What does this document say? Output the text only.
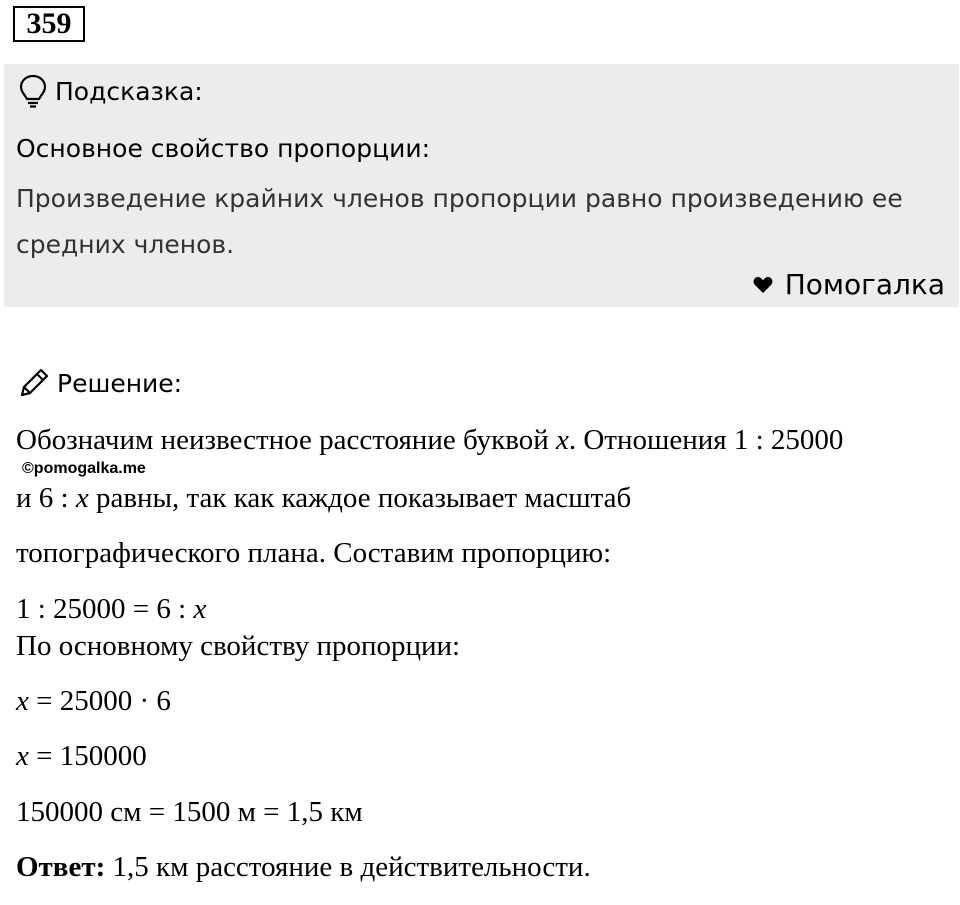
359
Подсказка:
Основное свойство пропорции:
Произведение крайних членов пропорции равно произведению ее средних членов.
Помогалка
Решение:
Обозначим неизвестное расстояние буквой x. Отношения 1 : 25000
©pomogalka.me
и 6 : x равны, так как каждое показывает масштаб
топографического плана. Составим пропорцию:
1 : 25000 = 6 : x
По основному свойству пропорции:
x = 25000 · 6
x = 150000
150000 см = 1500 м = 1,5 км
Ответ: 1,5 км расстояние в действительности.
